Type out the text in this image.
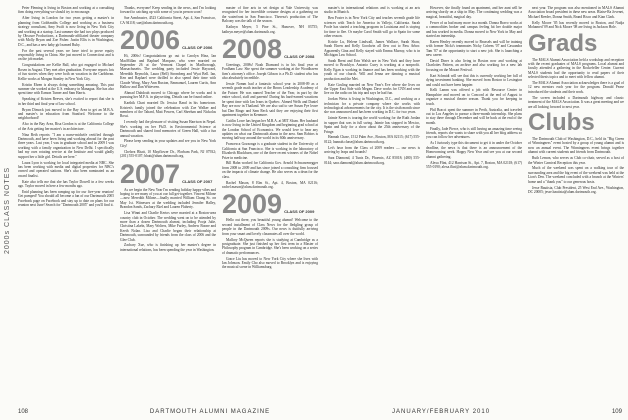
2000s CLASS NOTES

Peter Fleming is living in Boston and working at a consulting firm doing everything we should try to encourage.

After living in London for two years getting a master's in planning from Goldsmiths College and working as a business strategy consultant, Amy Swift is now living in New York City and working at a startup. Last summer she had two plays produced by Obscure Productions, a Dartmouth-affiliated theater company with Molly Bryan and Zoe Fisher. Justin Ellis is in Washington, D.C., and has a new baby girl named Ruby.

For the past several years we have tried to prove equity responsibly living in China. She just moved to Connecticut and is on the job market.

Congratulations are Kellie Ball, who got engaged to Michael Rosen in August. They met after graduation. Everyone reports lots of fun stories when they were both on vacation in the Caribbean. Kellie works at Morgan Stanley in New York City.

Kristin Ehren is always doing something amazing. This past summer she worked at the U.S. embassy in Managua. She has also spent time with Eamon Turner and Sam Harris.

Speaking of Kristen Reeves, she's excited to report that she is in her third and final year of law school.

Bryan Dimock just moved to the Bay Area to get an M.B.A. and master's in education from Stanford. Welcome to the neighborhood!

Also in the Bay Area, Risa Gordon is at the California College of the Arts getting her master's in architecture.

Nina Beth reports: "I am a nurse-midwife certified through Dartmouth, and have been living and working abroad for the past three years. Last year, I was in graduate school and in 2009 I was working with a family organization in New Delhi. I specifically had my own rotating service at the Institute and would gladly support her a little girl. Details are here."

Laura Lyon is working for local integrated media at NBC. She has been working with media and digital properties for NBC's owned and operated stations. She's also been nominated as an award finalist.

Kate also tells me that she has Taylor Dowell in a few weeks ago. Taylor moved in here a few months ago.

Enid planning has been ramping up for our five-year reunion! Get pumped! You should all become a fan of our Dartmouth 2005 Facebook page on Facebook and stay up to date on plans for our reunion next June! Search for "Dartmouth 2005" and you'll find it.

Thanks, everyone! Keep sending in the news, and I'm looking forward to catching up with some of you in person soon!

Sue Armbruster, 4523 California Street, Apt. 4, San Francisco, CA 94118; sue@alum.dartmouth.org.

2006 CLASS OF 2006

Hi, 2006s! Congratulations go out to Carolyn Hinz, Ian MacMillan and Raphael Marquez, who were married on September 26 at the Vermont Chapel in Marlborough, Massachusetts. The wedding party included Jessie Hayward, Meredith Reynolds, Laura (Bell) Stromberg and Wyat Bell. Ian, Ken and Raphael were thrilled to also spend their time with Claude Wong, Mary Ann Buxton, Emmanuel, Lauren Curtis, Ann Hallow and Dan Witteveen.

Ahmad Dahdouh moved to Chicago where he works and is pursuing her M.F.A. in playwriting. Details can be found online.

Karthik Chari married Dr. Jessica Rand in his hometown. Kristen's family joined the celebration with Zoe Walker and members of the Tabard, Matt Powers, Carl Sheehan and Nickolas Rossi.

I recently had the pleasure of visiting Susan Harrison in Nepal. She's working on her Ph.D. in Environmental Science at Dartmouth and shared fond memories of Green Hall, with a fun annual vacation.

Please keep sending in your updates and see you in New York City!

Chelsea Bhatt, 10 Mayflower Dr., Florham Park, NJ 07932; (201) 555-0107; bhatt@alum.dartmouth.org.

2007 CLASS OF 2007

As we begin the New Year I'm sending holiday happy vibes and hoping to see many of you at our fall get-together. Vincent Milone—now Meredith Milone—finally married William Chang Sc. on May 1st. Witnesses at the wedding included Jennifer Halley, Brandon Sands, Zachary Ekel and Lauren Flaherty.

Lisa Winni and Charlie Kertos were married at a Boston-area country club in October. The wedding went on to be attended by more than a dozen Dartmouth alumni, including Pooja Julie, Christina Lakeln, Mary Wolters, Mike Farley, Andrew Boone and Keeth Nolan. Lisa and Charlie began their relationship at Dartmouth, surrounded by friends from the class of 2006 and the Glee Club.

Zachary Xue, who is finishing up her master's degree in international relations, has been spending the year in Washington.

master of fine arts in set design at Yale University, was recognized for her incredible costume designs at a gathering on the waterfront in San Francisco. Theresa's production of The Balcony was the talk of the season.

Kathryn Meyer, 5 Pine St., Hanover, NH 03755; kathryn.meyer@alum.dartmouth.org.

2008 CLASS OF 2008

Greetings, 2008s! Noah Diamond is in his final year at Fordham Law. She spent the summer working at the Woodhaven firm's attorney's office. Joseph Gibson is a Ph.D. student who has also absolutely incredible.

Jessie Nomm had a fantastic school year in 2008-09 as a seventh grade math teacher at the Bronx Leadership Academy of the Future. He was named Teacher of the Year, in part by the entire school, staff and parents! During his hard-earned vacations he spent time with Ian Ivans in Quebec. Ahmed Wells and Daniel Bay are now in Thailand. We are also sad to see Susan Pye leave but Dan Ringo and Sam Reck said they are enjoying their first apartment together in Kenmore.

Caitlin Lowe has begun her M.B.A. at MIT Sloan. Her husband is now living in the United Kingdom and beginning grad school at the London School of Economics. We would love to hear any updates on what our Dartmouth alums in the area. Sam Robins is moving halfway around the world in its 60th anniversary.

Francesca Gozzonga is a graduate student in the University of California at San Francisco. She is working in the laboratory of Elizabeth Blackburn, one of the three recent winners of the Nobel Prize in medicine.

Bill Hahn worked for California Gov. Arnold Schwarzenegger from 2008 to 2009 and has since joined a consulting firm focused on the impacts of climate change. He also serves as a dean for the class.

Rachel Mason, 8 Elm St., Apt. 4, Boston, MA 02116; rachel.mason@alum.dartmouth.org.

2009 CLASS OF 2009

Hello out there, you beautiful young alumni! Welcome to the second installment of Class News for the fledgling group of people in the Dartmouth 2009s. Our news is dutifully arriving from your smart and lovely classmates all over the world.

Mallory McQueen reports she is studying at Cambridge as a postgraduate. She just finished up her first term in a Master of Philosophy program in Cambridge. She's been working on a series of dramatic performances.

Grace Liu has moved to New York City where she lives with Ian Johnson. Emily Cho also moved to Brooklyn and is enjoying the musical scene in Williamsburg.

master's in international relations and is working at an arts studio in Munich.

Ben Foster is in New York City and teaches seventh grade life sciences with Teach for America in Vallejo, California. Sarah Poole has started a teaching program in Louisiana and is staying for time to flee. Or maybe Carol Smith will go to Spain for some other reason.

Kristie Lu, Helene Lindwall, James Wallace, Sarah Shaw, Sarah Ehren and Kelly Goodwin all flew out to Pass Arbor. Apparently Gina and Kelly stayed with Emma Murray, who is in Michigan Law School.

Sarah Brent and Erin Walsh are in New York and they have moved to Brooklyn. Antonio Curry is working at a nonprofit. Kelly Egan is working in finance and has been working with the youth of our church. Will and Jenna are dancing a musical production and the Met.

Kate Gosling married on New Year's Eve where she lives on the Upper East Side with Megan. Dave works for CNN and went live on the radio on his trip and says he had fun.

Jordan Weiss is living in Washington, D.C., and working as a technician for a private company where she works with technological advancements for the city. It is the sixth month since she was announced and has been working in D.C. for two years.

Jaimie Keren is touring the world working for the Ruth Jordan in supper that was in full swing. Jaimie has stopped in Mexico, Spain and Italy for a show about the 25th anniversary of the Fringe.

Hannah Chase, 1512 Palm Ave., Boston, MA 02115; (617) 555-0122; hannah.chase@alum.dartmouth.org.

Let's hear from the Class of 2009 readers — our news is arriving by leaps and bounds!

Sara Diamond, 4 Tunis Dr., Phoenix, AZ 85018; (480) 555-0144; sara.diamond@alum.dartmouth.org.

However, she finally found an apartment, and her aunt will be arriving shortly on a ship in May. The continuing wedding was a magical, beautiful, magical day.

Fewer of us had many more in a month. Donna Bravo works at a commodities broker and campus feeling hit her double major and has worked in media. Donna moved to New York in May and started an internship.

Karen Henley recently moved to Brussels and will be training with former Nicki's teammates Nicky Cohens '07 and Cassandra Tam '07 at the opportunity to start a new job. She is launching a new career.

David Diner is also living in Boston now and working at Charlottes Pattern, an archive and also working for a new lab focusing on the Mozart Festival.

Kari Schmidt will see that this is currently working her full of dying investment banking. She moved from Boston to Lexington and could not have been happier.

Kelli Lamm was offered a job with Resource Center in Hampshire and moved on to Concord at the end of August to organize a musical theater season. Thank you for keeping in touch.

Phil Bracci spent the summer in Perth, Australia, and traveled out to Los Angeles to pursue a three-month internship. She plans to stay there through December and will be back at the end of the month.

Finally, Jade Pierce, who is still having an amazing time seeing friends, reports she wants to share with you all her blog address so you can follow her adventures.

As I furiously type this document to get it in under the October deadline, the news is that there is an announcement of the Homecoming week. Happy New Year and see you at our second alumni gathering.

Alexa Flint, 412 Harrison St., Apt. 7, Boston, MA 02118; (617) 555-0190; alexa.flint@alum.dartmouth.org.

next year. The program was also mentioned in MALS Alumni Association broad president in these new areas. Blaise-Ra Jovenet, Michael Reeder, Donna Smith, Brand Bisco and Kian Clark.

Kelly Moore '05 has recently moved to Boston, and Nadja Mohamed '09 and Nick Moore '08 are living in Jackson Hole.

Grads

The MALS Alumni Association held a workshop and reception with the recent graduates of MALS programs. Local alumni and faculty attended a gathering in the Rockefeller Center. Current MALS students had the opportunity to read papers of their selected thesis topics and to meet with fellow alumni.

The MALS Alumni Association acknowledges there is a goal of 12 new mentors each year for the program. Donald Pease introduced the students and their work.

The screen included a Dartmouth highway and classic treatment of the MALS Association. It was a great meeting and we are all looking forward to next year.

Clubs

The Dartmouth Club of Washington, D.C., held its "Big Green of Winningness" event hosted by a group of young alumni and is now an annual event. The Winningness event brings together alumni with current students and friends from Dartmouth.

Ruth Lemon, who serves as Club co-chair, served as a host of the Winter Carnival Reception this year.

Much of the weekend was spent on a walking tour of the surrounding area and the big event of the weekend was held at the Lion's Den. The weekend concluded with a brunch at the Winters' home and a "thank you" to our generous hosts.

Jesse Bautista, Club President, 25 West End Ave., Washington, DC 20005; jesse.bautista@alum.dartmouth.org.

108	DARTMOUTH ALUMNI MAGAZINE	JANUARY/FEBRUARY 2010	109
